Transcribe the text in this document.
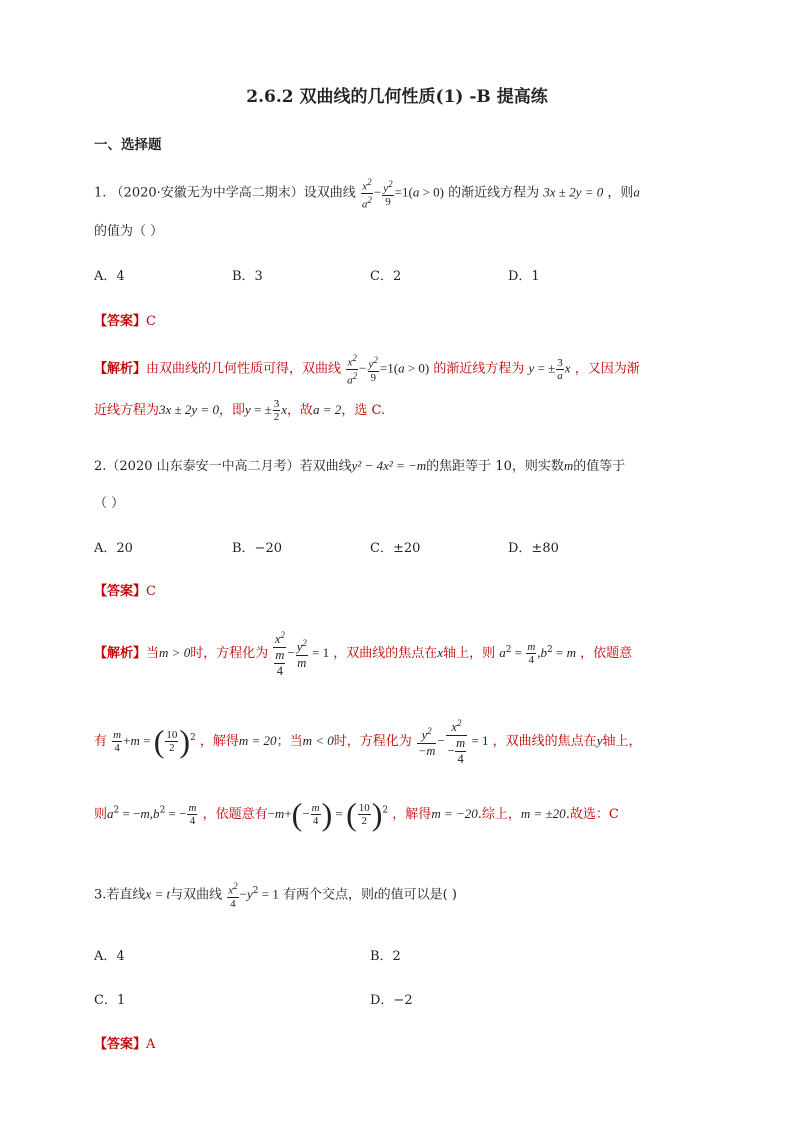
2.6.2 双曲线的几何性质(1) -B 提高练
一、选择题
1. （2020·安徽无为中学高二期末）设双曲线 $\frac{x^2}{a^2} - \frac{y^2}{9} =1(a > 0)$ 的渐近线方程为 3x ± 2y = 0 ，则a
的值为（ ）
A．4	B．3	C．2	D．1
【答案】C
【解析】由双曲线的几何性质可得，双曲线 $\frac{x^2}{a^2} - \frac{y^2}{9} =1(a > 0)$ 的渐近线方程为 y = ± $\frac{3}{a}$ x ，又因为渐
近线方程为3x ± 2y = 0，即y = ± $\frac{3}{2}$ x，故a = 2，选 C.
2.（2020 山东泰安一中高二月考）若双曲线y² − 4x² = −m的焦距等于 10，则实数m的值等于
（ ）
A．20	B．−20	C．±20	D．±80
【答案】C
【解析】当m > 0时，方程化为 $\frac{x^2}{\frac{m}{4}} - \frac{y^2}{m} = 1$ ，双曲线的焦点在x轴上，则 $a^2 = \frac{m}{4} ,b^2 = m$ ，依题意
有 $\frac{m}{4} +m$ = ( $\frac{10}{2} )^2$ ，解得m = 20；当m < 0时，方程化为 $\frac{y^2}{-m} - \frac{x^2}{- \frac{m}{4}} = 1$ ，双曲线的焦点在y轴上，
则$a^2 = -m,b^2$ = − $\frac{m}{4}$ ，依题意有$-m+(- \frac{m}{4}$ ) = ( $\frac{10}{2} )^2$ ，解得m = −20.综上，m = ±20.故选：C
3.若直线x = t与双曲线 $\frac{x^2}{4} -y^2 = 1$ 有两个交点，则t的值可以是( )
A．4	B．2
C．1	D．−2
【答案】A
